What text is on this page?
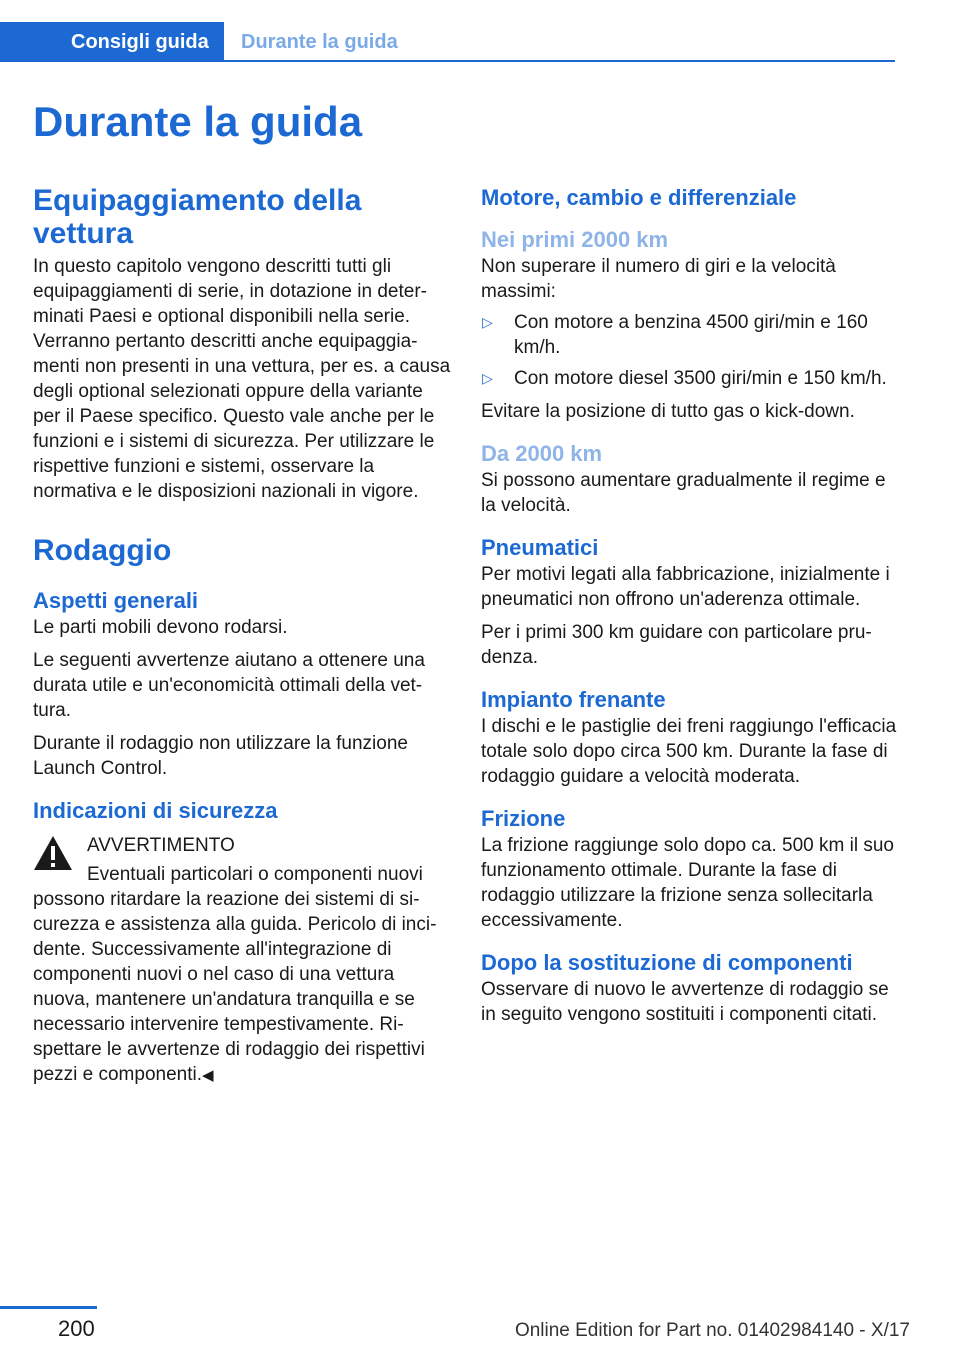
Consigli guida	Durante la guida
Durante la guida
Equipaggiamento della vettura

In questo capitolo vengono descritti tutti gli equipaggiamenti di serie, in dotazione in determinati Paesi e optional disponibili nella serie. Verranno pertanto descritti anche equipaggiamenti non presenti in una vettura, per es. a causa degli optional selezionati oppure della variante per il Paese specifico. Questo vale anche per le funzioni e i sistemi di sicurezza. Per utilizzare le rispettive funzioni e sistemi, osservare la normativa e le disposizioni nazionali in vigore.

Rodaggio
Aspetti generali

Le parti mobili devono rodarsi.

Le seguenti avvertenze aiutano a ottenere una durata utile e un'economicità ottimali della vettura.

Durante il rodaggio non utilizzare la funzione Launch Control.

Indicazioni di sicurezza
AVVERTIMENTO

Eventuali particolari o componenti nuovi possono ritardare la reazione dei sistemi di sicurezza e assistenza alla guida. Pericolo di incidente. Successivamente all'integrazione di componenti nuovi o nel caso di una vettura nuova, mantenere un'andatura tranquilla e se necessario intervenire tempestivamente. Rispettare le avvertenze di rodaggio dei rispettivi pezzi e componenti.◀

Motore, cambio e differenziale
Nei primi 2000 km

Non superare il numero di giri e la velocità massimi:

▷ Con motore a benzina 4500 giri/min e 160 km/h.
▷ Con motore diesel 3500 giri/min e 150 km/h.

Evitare la posizione di tutto gas o kick-down.

Da 2000 km

Si possono aumentare gradualmente il regime e la velocità.

Pneumatici

Per motivi legati alla fabbricazione, inizialmente i pneumatici non offrono un'aderenza ottimale.

Per i primi 300 km guidare con particolare prudenza.

Impianto frenante

I dischi e le pastiglie dei freni raggiungo l'efficacia totale solo dopo circa 500 km. Durante la fase di rodaggio guidare a velocità moderata.

Frizione

La frizione raggiunge solo dopo ca. 500 km il suo funzionamento ottimale. Durante la fase di rodaggio utilizzare la frizione senza sollecitarla eccessivamente.

Dopo la sostituzione di componenti

Osservare di nuovo le avvertenze di rodaggio se in seguito vengono sostituiti i componenti citati.

200	Online Edition for Part no. 01402984140 - X/17
